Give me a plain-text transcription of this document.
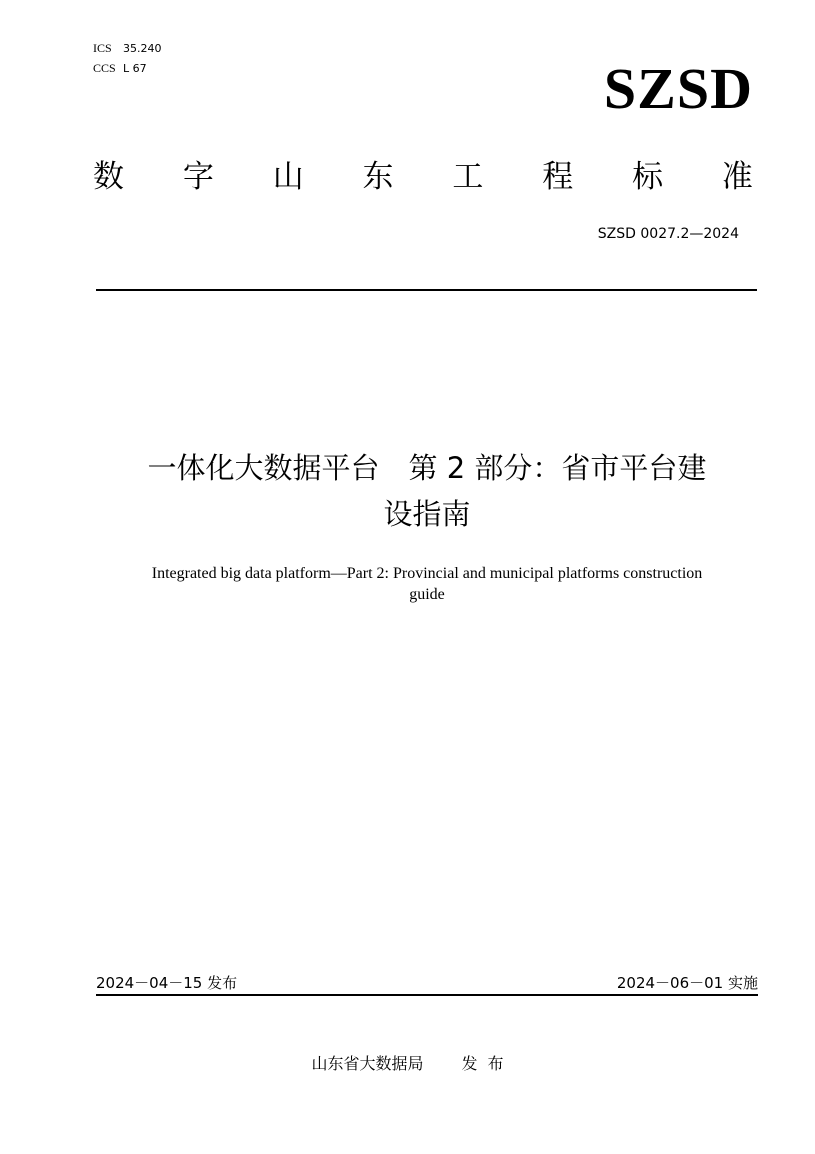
ICS 35.240
CCS L 67	SZSD
数 字 山 东 工 程 标 准
SZSD 0027.2—2024
一体化大数据平台　第 2 部分：省市平台建
设指南
Integrated big data platform—Part 2: Provincial and municipal platforms construction
guide
2024－04－15 发布	2024－06－01 实施
山东省大数据局 发 布
